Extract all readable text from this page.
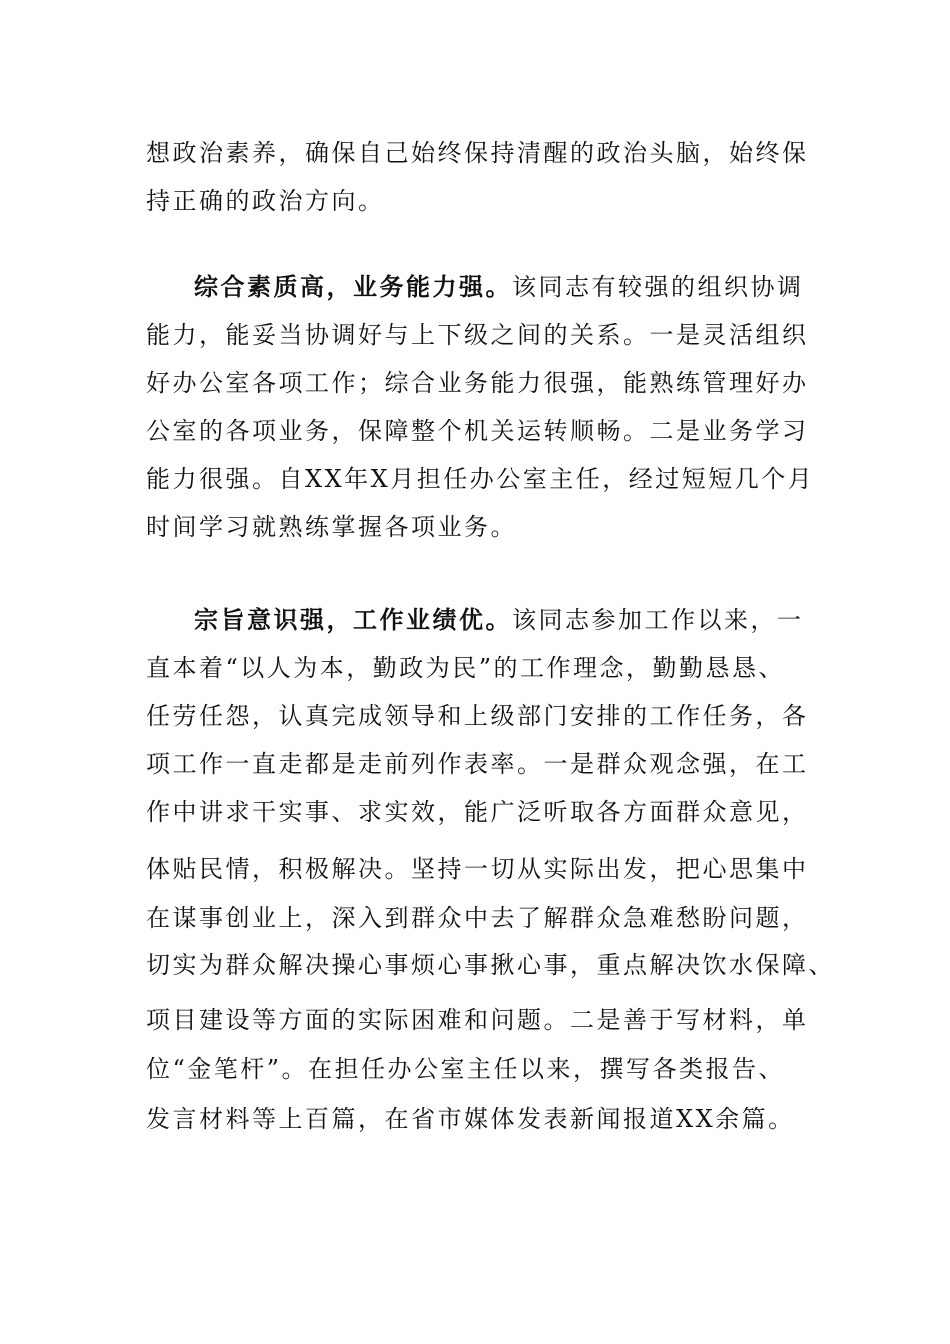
想政治素养，确保自己始终保持清醒的政治头脑，始终保
持正确的政治方向。
综合素质高，业务能力强。该同志有较强的组织协调
能力，能妥当协调好与上下级之间的关系。一是灵活组织
好办公室各项工作；综合业务能力很强，能熟练管理好办
公室的各项业务，保障整个机关运转顺畅。二是业务学习
能力很强。自XX年X月担任办公室主任，经过短短几个月
时间学习就熟练掌握各项业务。
宗旨意识强，工作业绩优。该同志参加工作以来，一
直本着“以人为本，勤政为民”的工作理念，勤勤恳恳、
任劳任怨，认真完成领导和上级部门安排的工作任务，各
项工作一直走都是走前列作表率。一是群众观念强，在工
作中讲求干实事、求实效，能广泛听取各方面群众意见，
体贴民情，积极解决。坚持一切从实际出发，把心思集中
在谋事创业上，深入到群众中去了解群众急难愁盼问题，
切实为群众解决操心事烦心事揪心事，重点解决饮水保障、
项目建设等方面的实际困难和问题。二是善于写材料，单
位“金笔杆”。在担任办公室主任以来，撰写各类报告、
发言材料等上百篇，在省市媒体发表新闻报道XX余篇。
